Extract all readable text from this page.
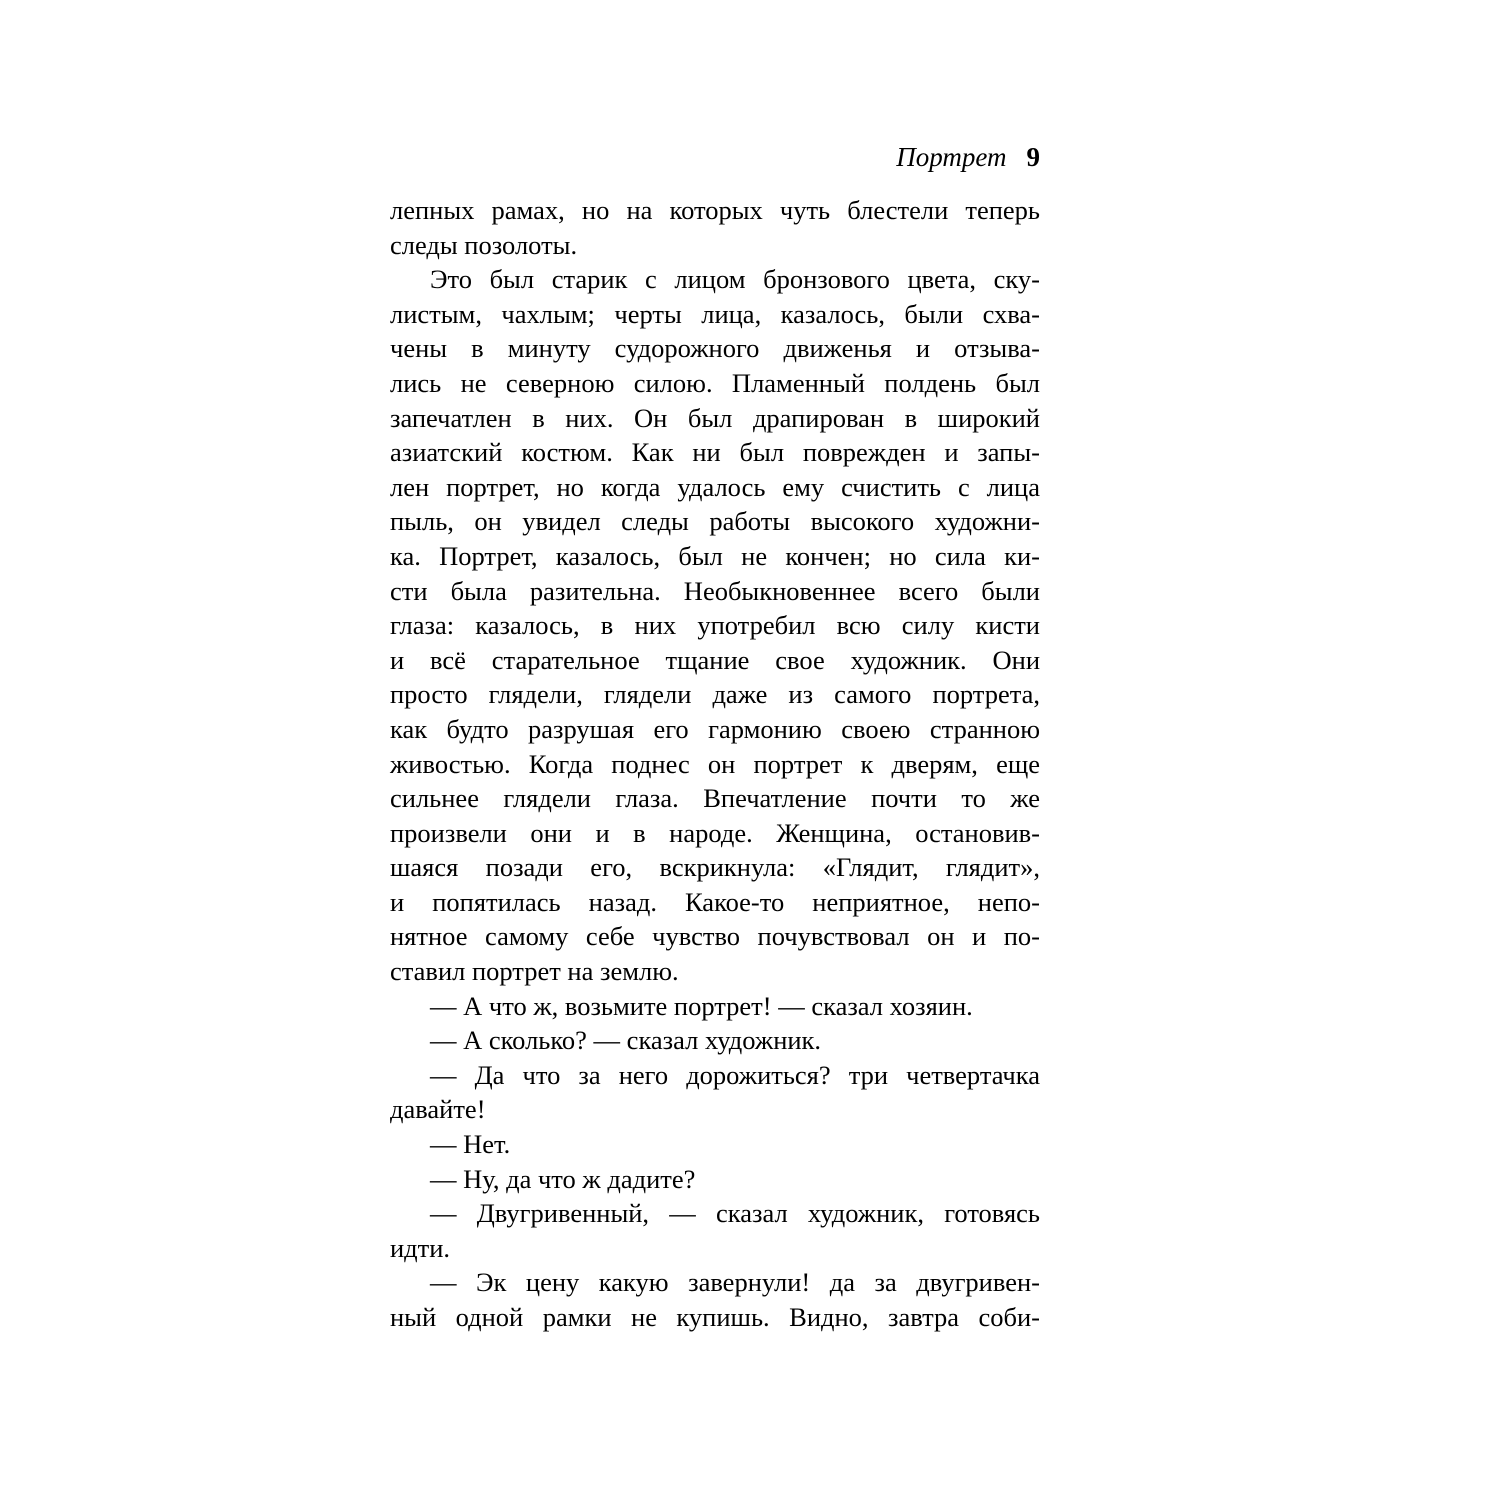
Портрет 9
лепных рамах, но на которых чуть блестели теперь
следы позолоты.
Это был старик с лицом бронзового цвета, ску-
листым, чахлым; черты лица, казалось, были схва-
чены в минуту судорожного движенья и отзыва-
лись не северною силою. Пламенный полдень был
запечатлен в них. Он был драпирован в широкий
азиатский костюм. Как ни был поврежден и запы-
лен портрет, но когда удалось ему счистить с лица
пыль, он увидел следы работы высокого художни-
ка. Портрет, казалось, был не кончен; но сила ки-
сти была разительна. Необыкновеннее всего были
глаза: казалось, в них употребил всю силу кисти
и всё старательное тщание свое художник. Они
просто глядели, глядели даже из самого портрета,
как будто разрушая его гармонию своею странною
живостью. Когда поднес он портрет к дверям, еще
сильнее глядели глаза. Впечатление почти то же
произвели они и в народе. Женщина, остановив-
шаяся позади его, вскрикнула: «Глядит, глядит»,
и попятилась назад. Какое-то неприятное, непо-
нятное самому себе чувство почувствовал он и по-
ставил портрет на землю.
— А что ж, возьмите портрет! — сказал хозяин.
— А сколько? — сказал художник.
— Да что за него дорожиться? три четвертачка
давайте!
— Нет.
— Ну, да что ж дадите?
— Двугривенный, — сказал художник, готовясь
идти.
— Эк цену какую завернули! да за двугривен-
ный одной рамки не купишь. Видно, завтра соби-
